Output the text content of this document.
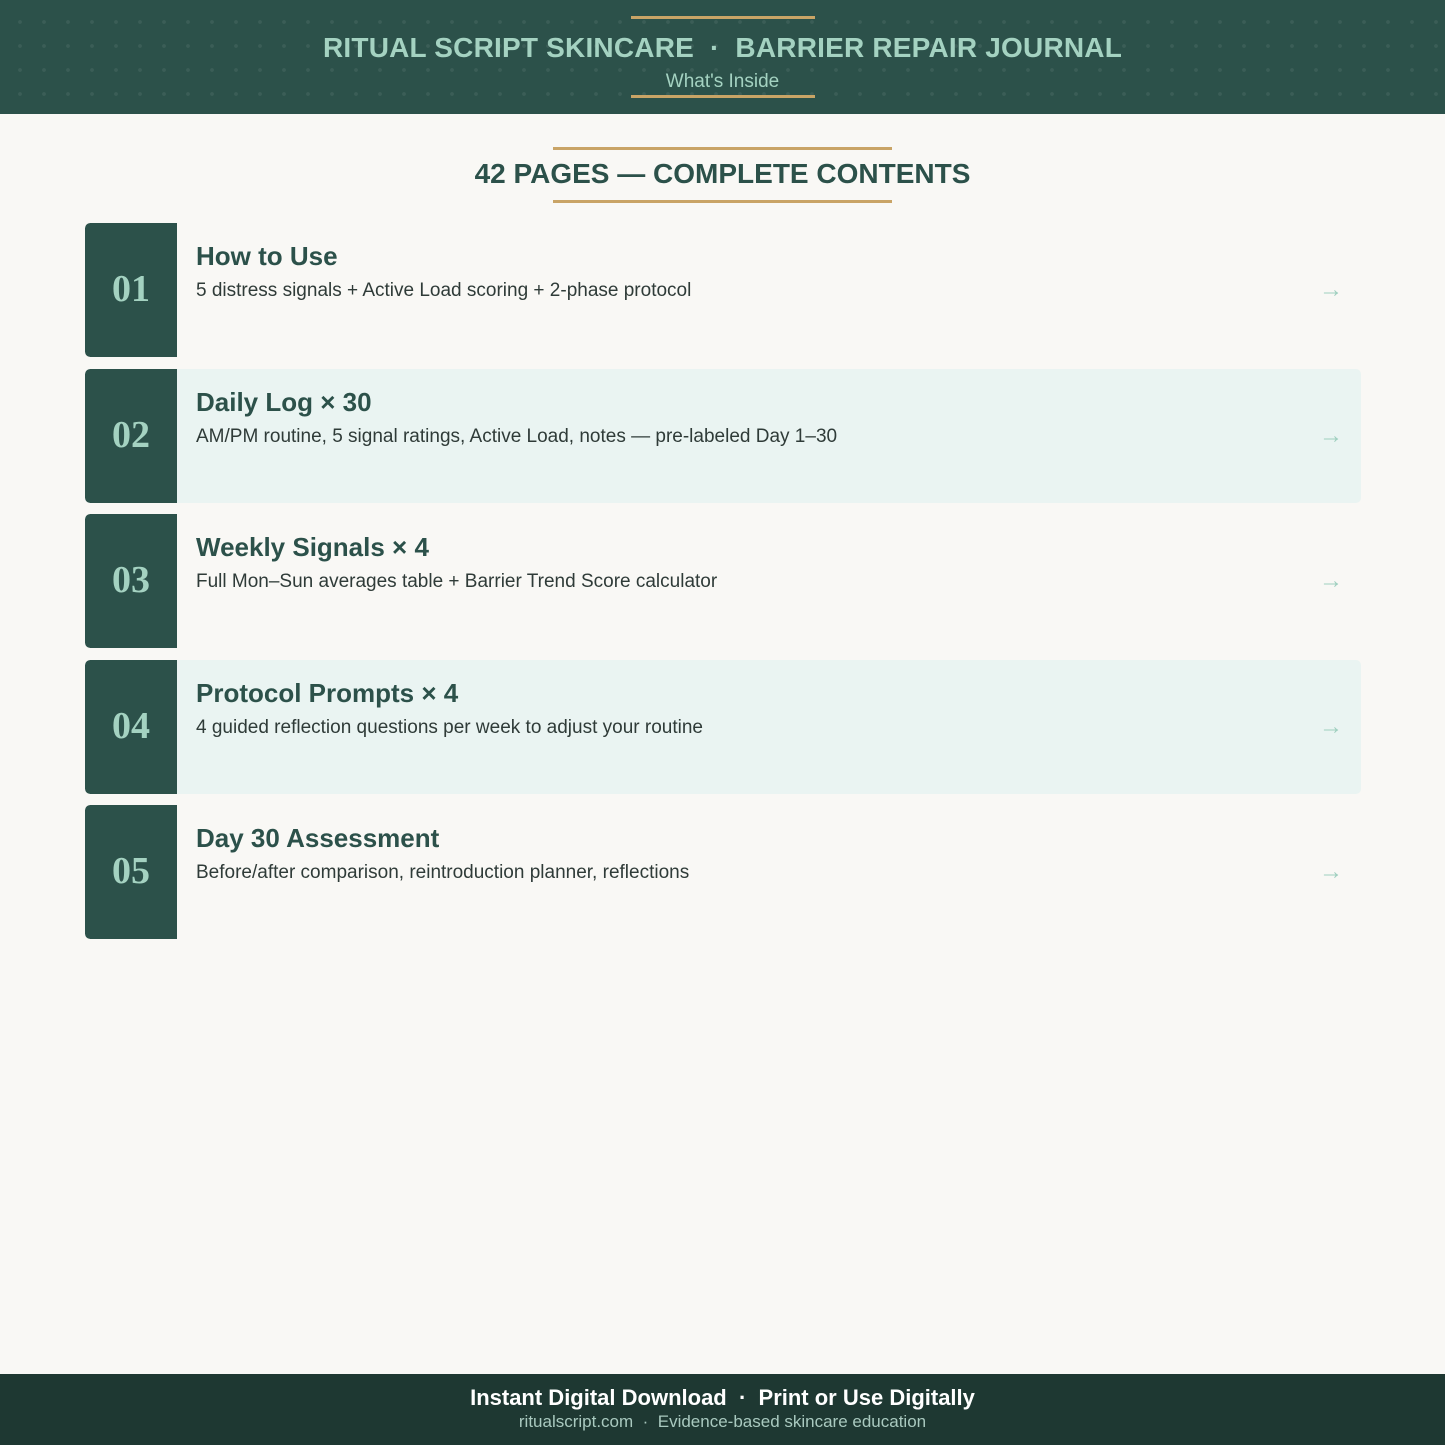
RITUAL SCRIPT SKINCARE  ·  BARRIER REPAIR JOURNAL
What's Inside
42 PAGES — COMPLETE CONTENTS
01
How to Use
5 distress signals + Active Load scoring + 2-phase protocol	→
02
Daily Log × 30
AM/PM routine, 5 signal ratings, Active Load, notes — pre-labeled Day 1–30	→
03
Weekly Signals × 4
Full Mon–Sun averages table + Barrier Trend Score calculator	→
04
Protocol Prompts × 4
4 guided reflection questions per week to adjust your routine	→
05
Day 30 Assessment
Before/after comparison, reintroduction planner, reflections	→
Instant Digital Download  ·  Print or Use Digitally
ritualscript.com  ·  Evidence-based skincare education
